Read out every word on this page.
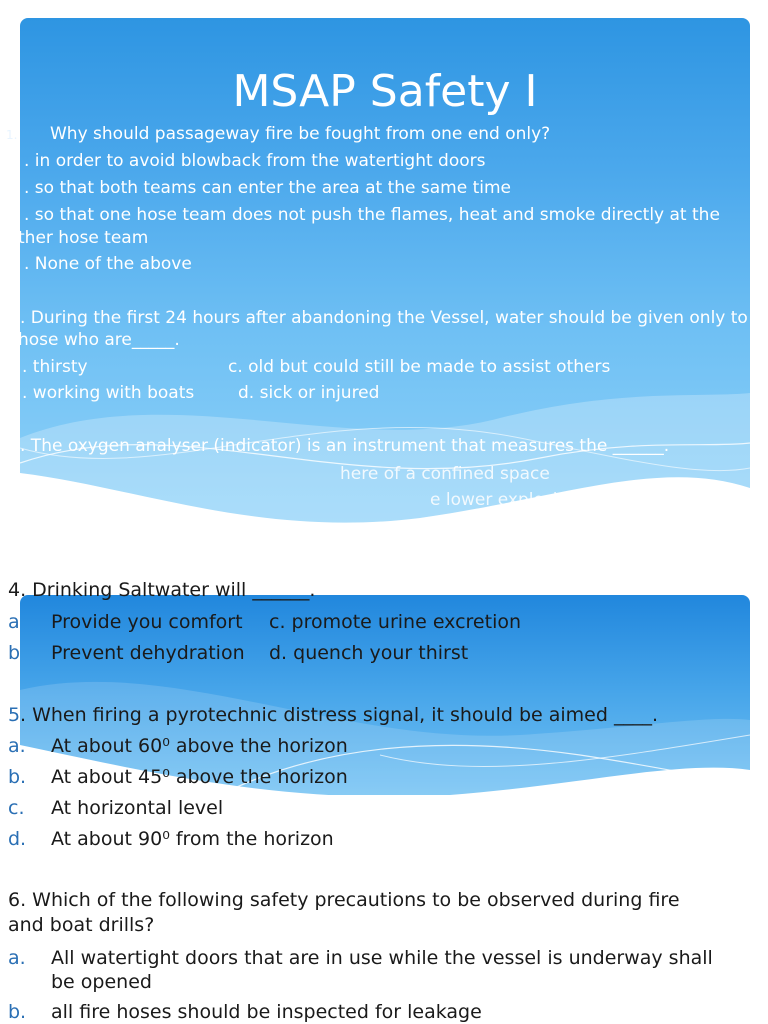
MSAP Safety I
1. Why should passageway fire be fought from one end only?
. in order to avoid blowback from the watertight doors
. so that both teams can enter the area at the same time
. so that one hose team does not push the flames, heat and smoke directly at the
ther hose team
. None of the above
. During the first 24 hours after abandoning the Vessel, water should be given only to
hose who are_____.
. thirsty	c. old but could still be made to assist others
. working with boats	d. sick or injured
. The oxygen analyser (indicator) is an instrument that measures the ______.
here of a confined space
e lower explosive limit in a confined
4. Drinking Saltwater will ______.
a Provide you comfort c. promote urine excretion
b Prevent dehydration d. quench your thirst
5 . When firing a pyrotechnic distress signal, it should be aimed ____.
a. At about 60⁰ above the horizon
b. At about 45⁰ above the horizon
c. At horizontal level
d. At about 90⁰ from the horizon
6. Which of the following safety precautions to be observed during fire
and boat drills?
a. All watertight doors that are in use while the vessel is underway shall
be opened
b. all fire hoses should be inspected for leakage
